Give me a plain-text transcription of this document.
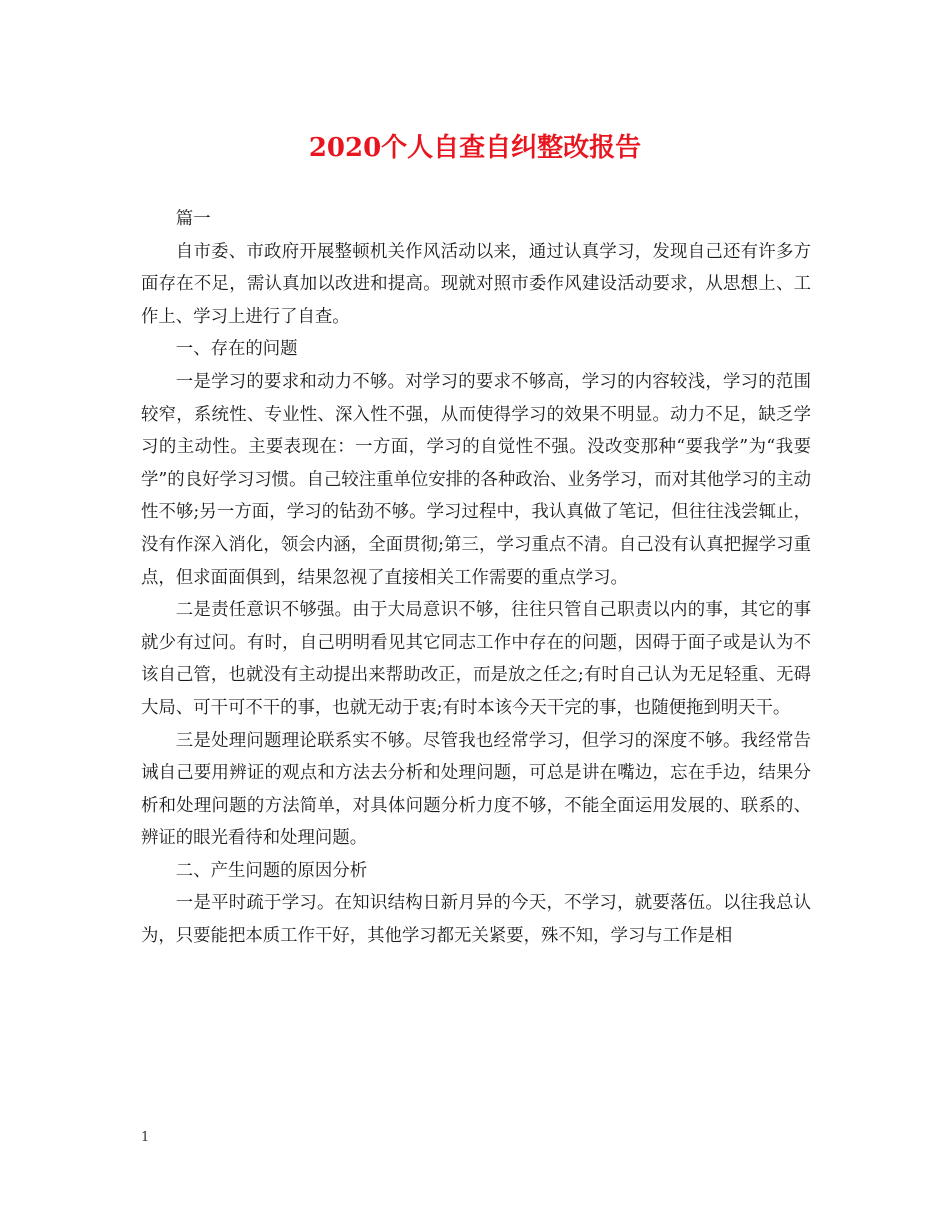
2020个人自查自纠整改报告

篇一

自市委、市政府开展整顿机关作风活动以来，通过认真学习，发现自己还有许多方面存在不足，需认真加以改进和提高。现就对照市委作风建设活动要求，从思想上、工作上、学习上进行了自查。

一、存在的问题

一是学习的要求和动力不够。对学习的要求不够高，学习的内容较浅，学习的范围较窄，系统性、专业性、深入性不强，从而使得学习的效果不明显。动力不足，缺乏学习的主动性。主要表现在：一方面，学习的自觉性不强。没改变那种“要我学”为“我要学”的良好学习习惯。自己较注重单位安排的各种政治、业务学习，而对其他学习的主动性不够;另一方面，学习的钻劲不够。学习过程中，我认真做了笔记，但往往浅尝辄止，没有作深入消化，领会内涵，全面贯彻;第三，学习重点不清。自己没有认真把握学习重点，但求面面俱到，结果忽视了直接相关工作需要的重点学习。

二是责任意识不够强。由于大局意识不够，往往只管自己职责以内的事，其它的事就少有过问。有时，自己明明看见其它同志工作中存在的问题，因碍于面子或是认为不该自己管，也就没有主动提出来帮助改正，而是放之任之;有时自己认为无足轻重、无碍大局、可干可不干的事，也就无动于衷;有时本该今天干完的事，也随便拖到明天干。

三是处理问题理论联系实不够。尽管我也经常学习，但学习的深度不够。我经常告诫自己要用辨证的观点和方法去分析和处理问题，可总是讲在嘴边，忘在手边，结果分析和处理问题的方法简单，对具体问题分析力度不够，不能全面运用发展的、联系的、辨证的眼光看待和处理问题。

二、产生问题的原因分析

一是平时疏于学习。在知识结构日新月异的今天，不学习，就要落伍。以往我总认为，只要能把本质工作干好，其他学习都无关紧要，殊不知，学习与工作是相

1
